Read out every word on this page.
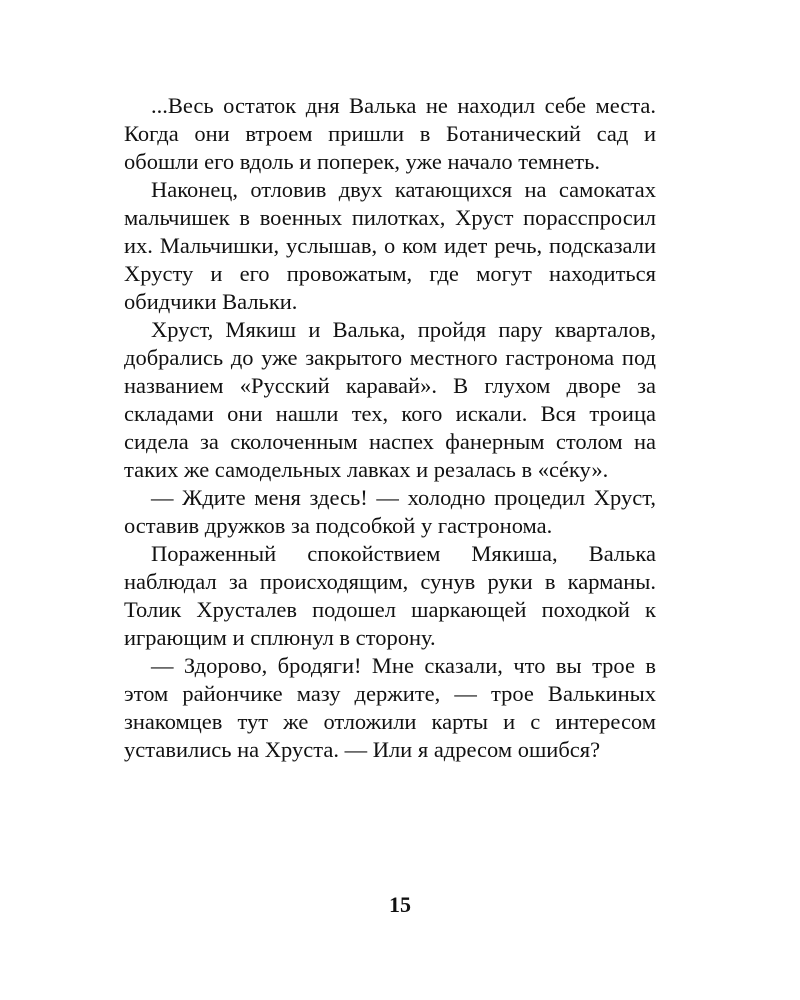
...Весь остаток дня Валька не находил себе места. Когда они втроем пришли в Ботанический сад и обошли его вдоль и поперек, уже начало темнеть.

Наконец, отловив двух катающихся на самокатах мальчишек в военных пилотках, Хруст порасспросил их. Мальчишки, услышав, о ком идет речь, подсказали Хрусту и его провожатым, где могут находиться обидчики Вальки.

Хруст, Мякиш и Валька, пройдя пару кварталов, добрались до уже закрытого местного гастронома под названием «Русский каравай». В глухом дворе за складами они нашли тех, кого искали. Вся троица сидела за сколоченным наспех фанерным столом на таких же самодельных лавках и резалась в «сéку».

— Ждите меня здесь! — холодно процедил Хруст, оставив дружков за подсобкой у гастронома.

Пораженный спокойствием Мякиша, Валька наблюдал за происходящим, сунув руки в карманы. Толик Хрусталев подошел шаркающей походкой к играющим и сплюнул в сторону.

— Здорово, бродяги! Мне сказали, что вы трое в этом райончике мазу держите, — трое Валькиных знакомцев тут же отложили карты и с интересом уставились на Хруста. — Или я адресом ошибся?

15
